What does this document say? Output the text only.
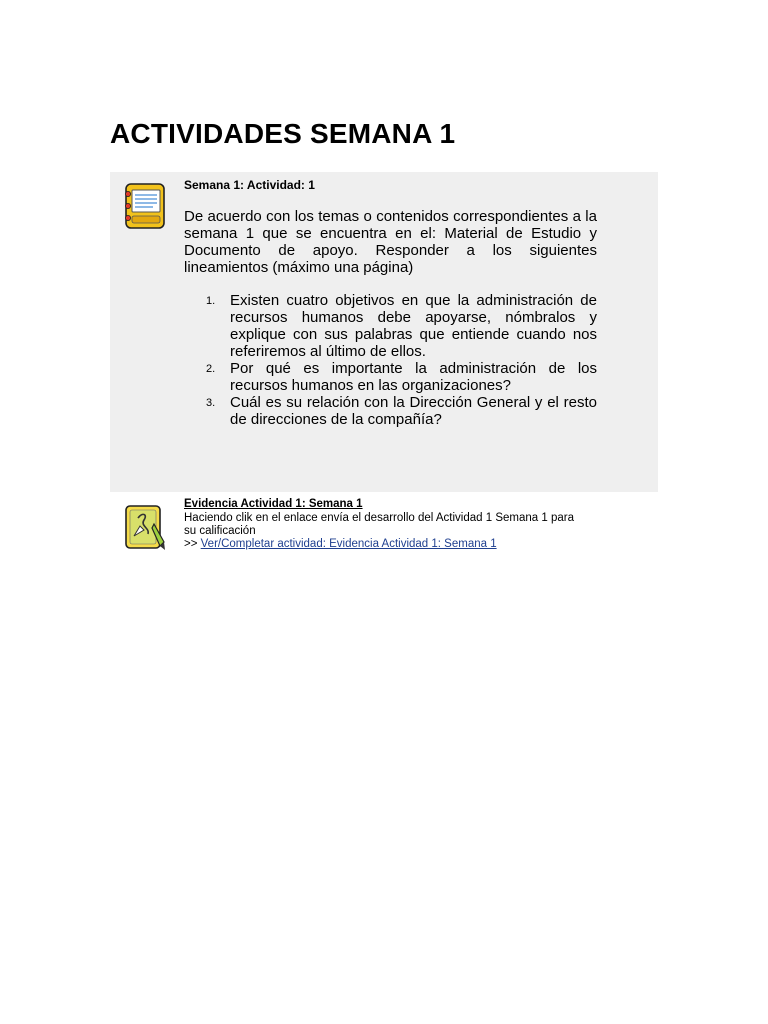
ACTIVIDADES SEMANA 1
Semana 1: Actividad: 1

De acuerdo con los temas o contenidos correspondientes a la semana 1 que se encuentra en el: Material de Estudio y Documento de apoyo. Responder a los siguientes lineamientos (máximo una página)

1. Existen cuatro objetivos en que la administración de recursos humanos debe apoyarse, nómbralos y explique con sus palabras que entiende cuando nos referiremos al último de ellos.
2. Por qué es importante la administración de los recursos humanos en las organizaciones?
3. Cuál es su relación con la Dirección General y el resto de direcciones de la compañía?
Evidencia Actividad 1: Semana 1

Haciendo clik en el enlace envía el desarrollo del Actividad 1 Semana 1 para su calificación

>> Ver/Completar actividad: Evidencia Actividad 1: Semana 1
